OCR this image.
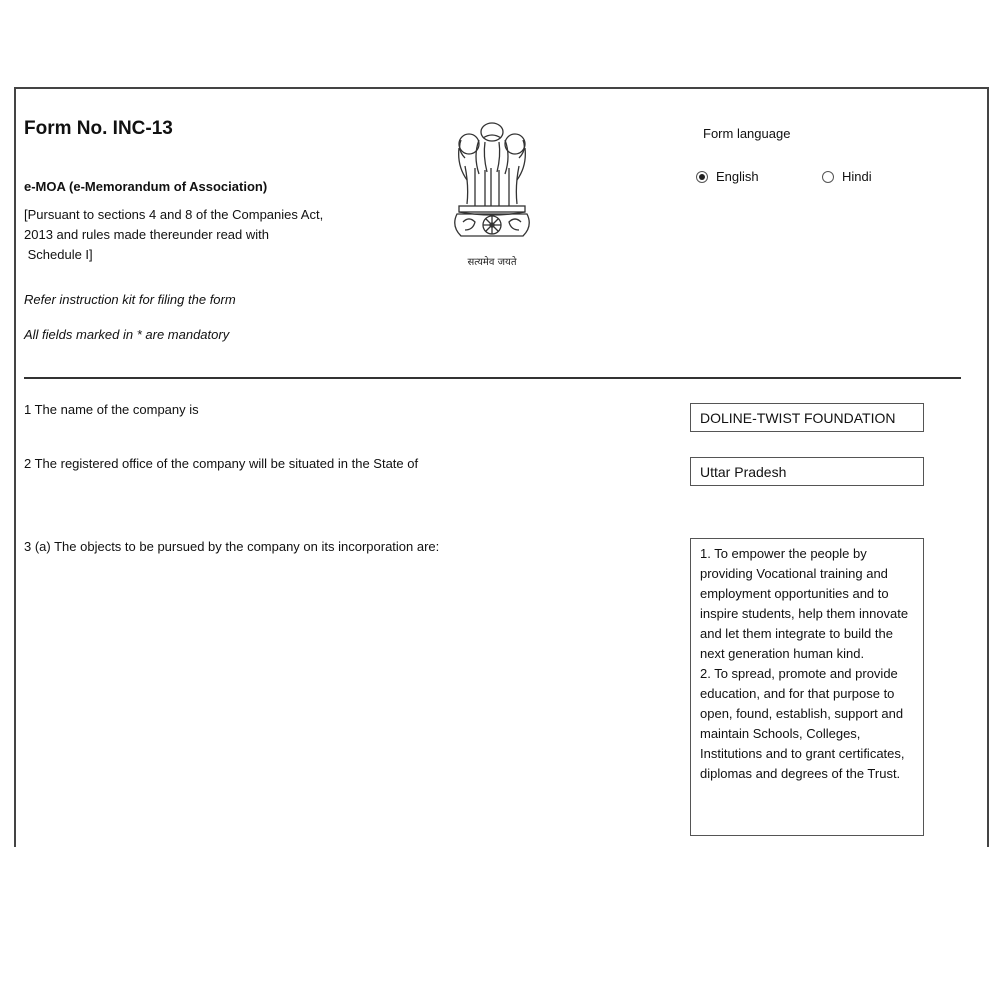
Form No. INC-13
e-MOA (e-Memorandum of Association)
[Pursuant to sections 4 and 8 of the Companies Act,
2013 and rules made thereunder read with
Schedule I]
Refer instruction kit for filing the form
All fields marked in * are mandatory
सत्यमेव जयते
Form language
English	Hindi
1 The name of the company is	DOLINE-TWIST FOUNDATION
2 The registered office of the company will be situated in the State of	Uttar Pradesh
3 (a) The objects to be pursued by the company on its incorporation are:	1. To empower the people by providing Vocational training and employment opportunities and to inspire students, help them innovate and let them integrate to build the next generation human kind.
2. To spread, promote and provide education, and for that purpose to open, found, establish, support and maintain Schools, Colleges, Institutions and to grant certificates, diplomas and degrees of the Trust.
